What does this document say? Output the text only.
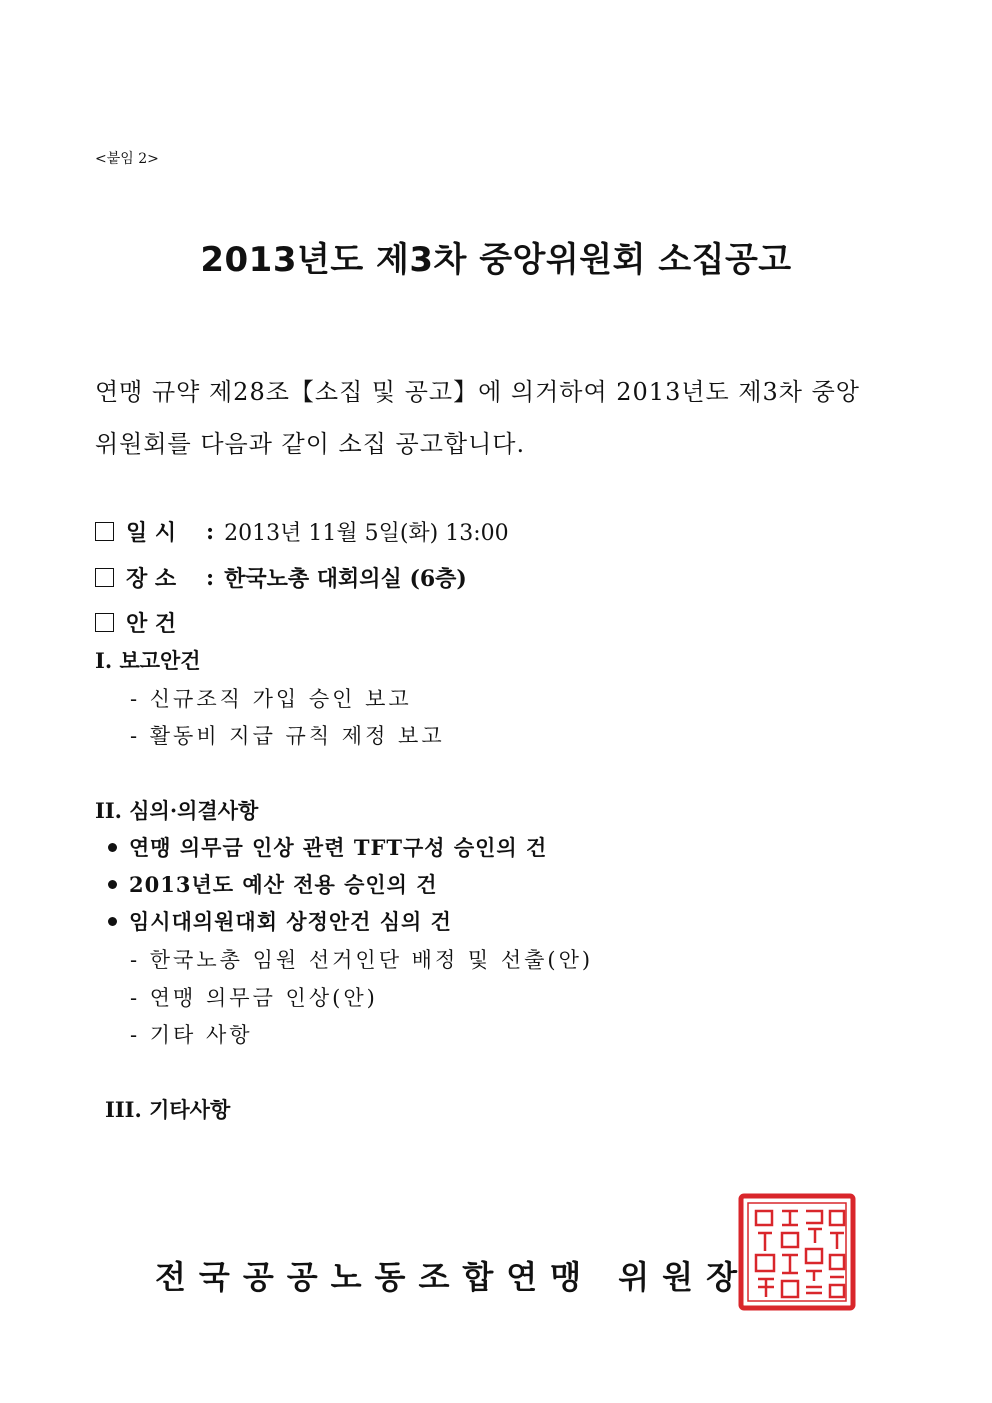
<붙임 2>
2013년도 제3차 중앙위원회 소집공고
연맹 규약 제28조【소집 및 공고】에 의거하여 2013년도 제3차 중앙
위원회를 다음과 같이 소집 공고합니다.
일 시	: 2013년 11월 5일(화) 13:00
장 소	: 한국노총 대회의실 (6층)
안 건
I. 보고안건
- 신규조직 가입 승인 보고
- 활동비 지급 규칙 제정 보고
II. 심의·의결사항
연맹 의무금 인상 관련 TFT구성 승인의 건
2013년도 예산 전용 승인의 건
임시대의원대회 상정안건 심의 건
- 한국노총 임원 선거인단 배정 및 선출(안)
- 연맹 의무금 인상(안)
- 기타 사항
III. 기타사항
전국공공노동조합연맹 위원장
